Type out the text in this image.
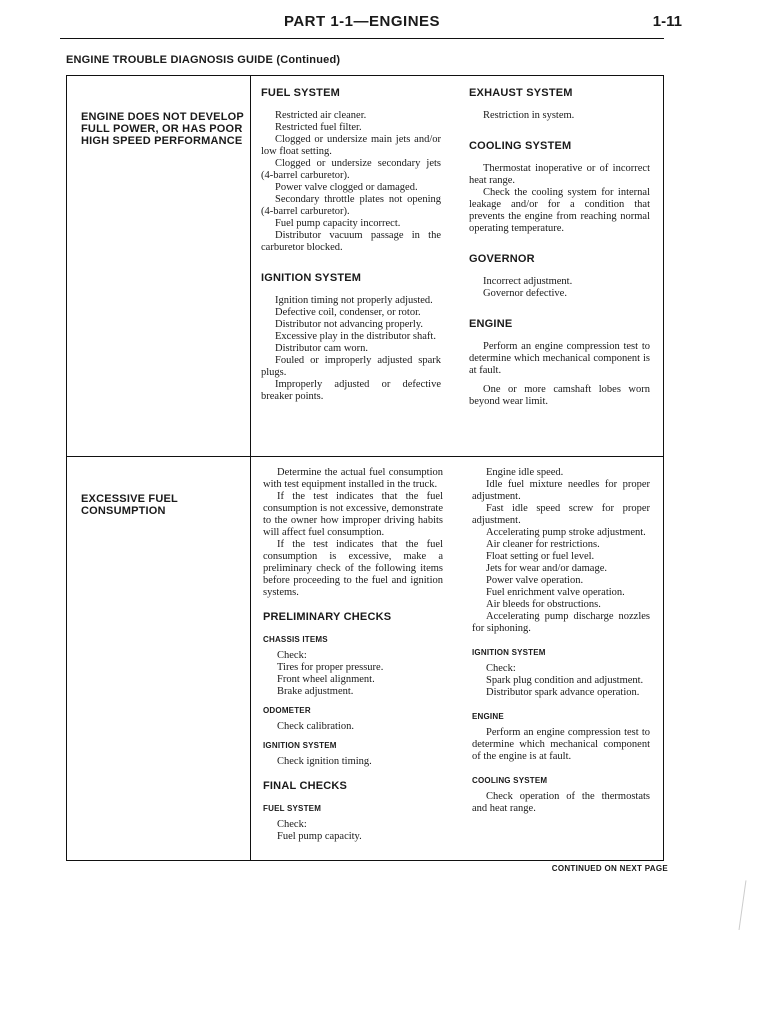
PART 1-1—ENGINES	1-11
ENGINE TROUBLE DIAGNOSIS GUIDE (Continued)
ENGINE DOES NOT DEVELOP FULL POWER, OR HAS POOR HIGH SPEED PERFORMANCE
FUEL SYSTEM

Restricted air cleaner.

Restricted fuel filter.

Clogged or undersize main jets and/or low float setting.

Clogged or undersize secondary jets (4-barrel carburetor).

Power valve clogged or damaged.

Secondary throttle plates not opening (4-barrel carburetor).

Fuel pump capacity incorrect.

Distributor vacuum passage in the carburetor blocked.

IGNITION SYSTEM

Ignition timing not properly adjusted.

Defective coil, condenser, or rotor.

Distributor not advancing properly.

Excessive play in the distributor shaft.

Distributor cam worn.

Fouled or improperly adjusted spark plugs.

Improperly adjusted or defective breaker points.

EXHAUST SYSTEM

Restriction in system.

COOLING SYSTEM

Thermostat inoperative or of incorrect heat range.

Check the cooling system for internal leakage and/or for a condition that prevents the engine from reaching normal operating temperature.

GOVERNOR

Incorrect adjustment.

Governor defective.

ENGINE

Perform an engine compression test to determine which mechanical component is at fault.

One or more camshaft lobes worn beyond wear limit.

EXCESSIVE FUEL CONSUMPTION

Determine the actual fuel consumption with test equipment installed in the truck.

If the test indicates that the fuel consumption is not excessive, demonstrate to the owner how improper driving habits will affect fuel consumption.

If the test indicates that the fuel consumption is excessive, make a preliminary check of the following items before proceeding to the fuel and ignition systems.

PRELIMINARY CHECKS
CHASSIS ITEMS

Check:

Tires for proper pressure.

Front wheel alignment.

Brake adjustment.

ODOMETER

Check calibration.

IGNITION SYSTEM

Check ignition timing.

FINAL CHECKS
FUEL SYSTEM

Check:

Fuel pump capacity.

Engine idle speed.

Idle fuel mixture needles for proper adjustment.

Fast idle speed screw for proper adjustment.

Accelerating pump stroke adjustment.

Air cleaner for restrictions.

Float setting or fuel level.

Jets for wear and/or damage.

Power valve operation.

Fuel enrichment valve operation.

Air bleeds for obstructions.

Accelerating pump discharge nozzles for siphoning.

IGNITION SYSTEM

Check:

Spark plug condition and adjustment.

Distributor spark advance operation.

ENGINE

Perform an engine compression test to determine which mechanical component of the engine is at fault.

COOLING SYSTEM

Check operation of the thermostats and heat range.

CONTINUED ON NEXT PAGE
